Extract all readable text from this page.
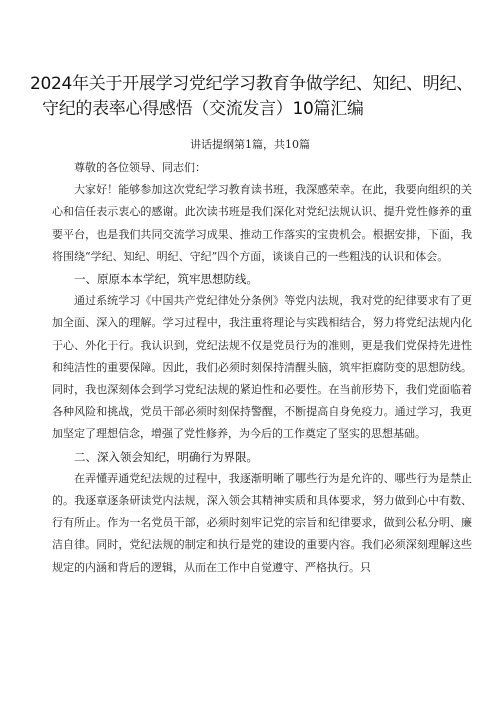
2024年关于开展学习党纪学习教育争做学纪、知纪、明纪、
守纪的表率心得感悟（交流发言）10篇汇编
讲话提纲第1篇，共10篇

尊敬的各位领导、同志们：

大家好！能够参加这次党纪学习教育读书班，我深感荣幸。在此，我要向组织的关心和信任表示衷心的感谢。此次读书班是我们深化对党纪法规认识、提升党性修养的重要平台，也是我们共同交流学习成果、推动工作落实的宝贵机会。根据安排，下面，我将围绕“学纪、知纪、明纪、守纪”四个方面，谈谈自己的一些粗浅的认识和体会。

一、原原本本学纪，筑牢思想防线。

通过系统学习《中国共产党纪律处分条例》等党内法规，我对党的纪律要求有了更加全面、深入的理解。学习过程中，我注重将理论与实践相结合，努力将党纪法规内化于心、外化于行。我认识到，党纪法规不仅是党员行为的准则，更是我们党保持先进性和纯洁性的重要保障。因此，我们必须时刻保持清醒头脑，筑牢拒腐防变的思想防线。同时，我也深刻体会到学习党纪法规的紧迫性和必要性。在当前形势下，我们党面临着各种风险和挑战，党员干部必须时刻保持警醒，不断提高自身免疫力。通过学习，我更加坚定了理想信念，增强了党性修养，为今后的工作奠定了坚实的思想基础。

二、深入领会知纪，明确行为界限。

在弄懂弄通党纪法规的过程中，我逐渐明晰了哪些行为是允许的、哪些行为是禁止的。我逐章逐条研读党内法规，深入领会其精神实质和具体要求，努力做到心中有数、行有所止。作为一名党员干部，必须时刻牢记党的宗旨和纪律要求，做到公私分明、廉洁自律。同时，党纪法规的制定和执行是党的建设的重要内容。我们必须深刻理解这些规定的内涵和背后的逻辑，从而在工作中自觉遵守、严格执行。只
